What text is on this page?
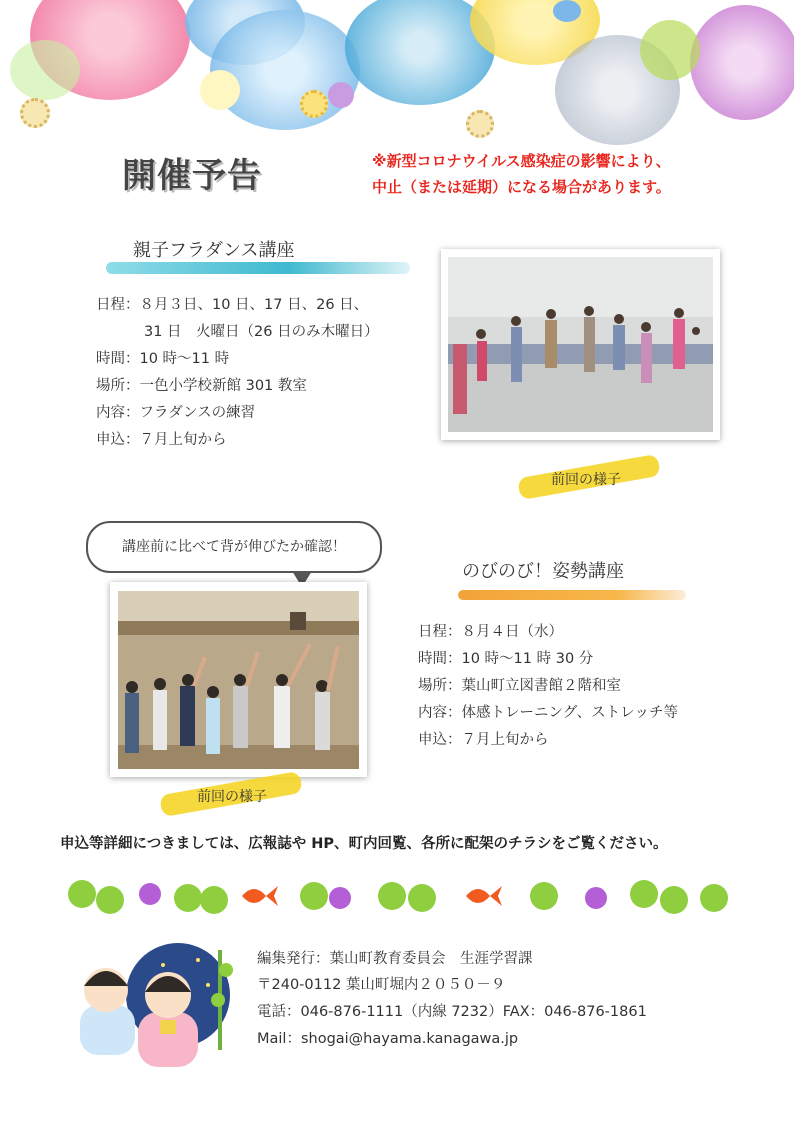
開催予告	※新型コロナウイルス感染症の影響により、
中止（または延期）になる場合があります。
親子フラダンス講座
日程：８月３日、10 日、17 日、26 日、
31 日　火曜日（26 日のみ木曜日）
時間：10 時～11 時
場所：一色小学校新館 301 教室
内容：フラダンスの練習
申込：７月上旬から
前回の様子
講座前に比べて背が伸びたか確認！
前回の様子
のびのび！姿勢講座
日程：８月４日（水）
時間：10 時～11 時 30 分
場所：葉山町立図書館２階和室
内容：体感トレーニング、ストレッチ等
申込：７月上旬から
申込等詳細につきましては、広報誌や HP、町内回覧、各所に配架のチラシをご覧ください。
編集発行：葉山町教育委員会　生涯学習課
〒240-0112 葉山町堀内２０５０－９
電話：046-876-1111（内線 7232）FAX：046-876-1861
Mail：shogai@hayama.kanagawa.jp
